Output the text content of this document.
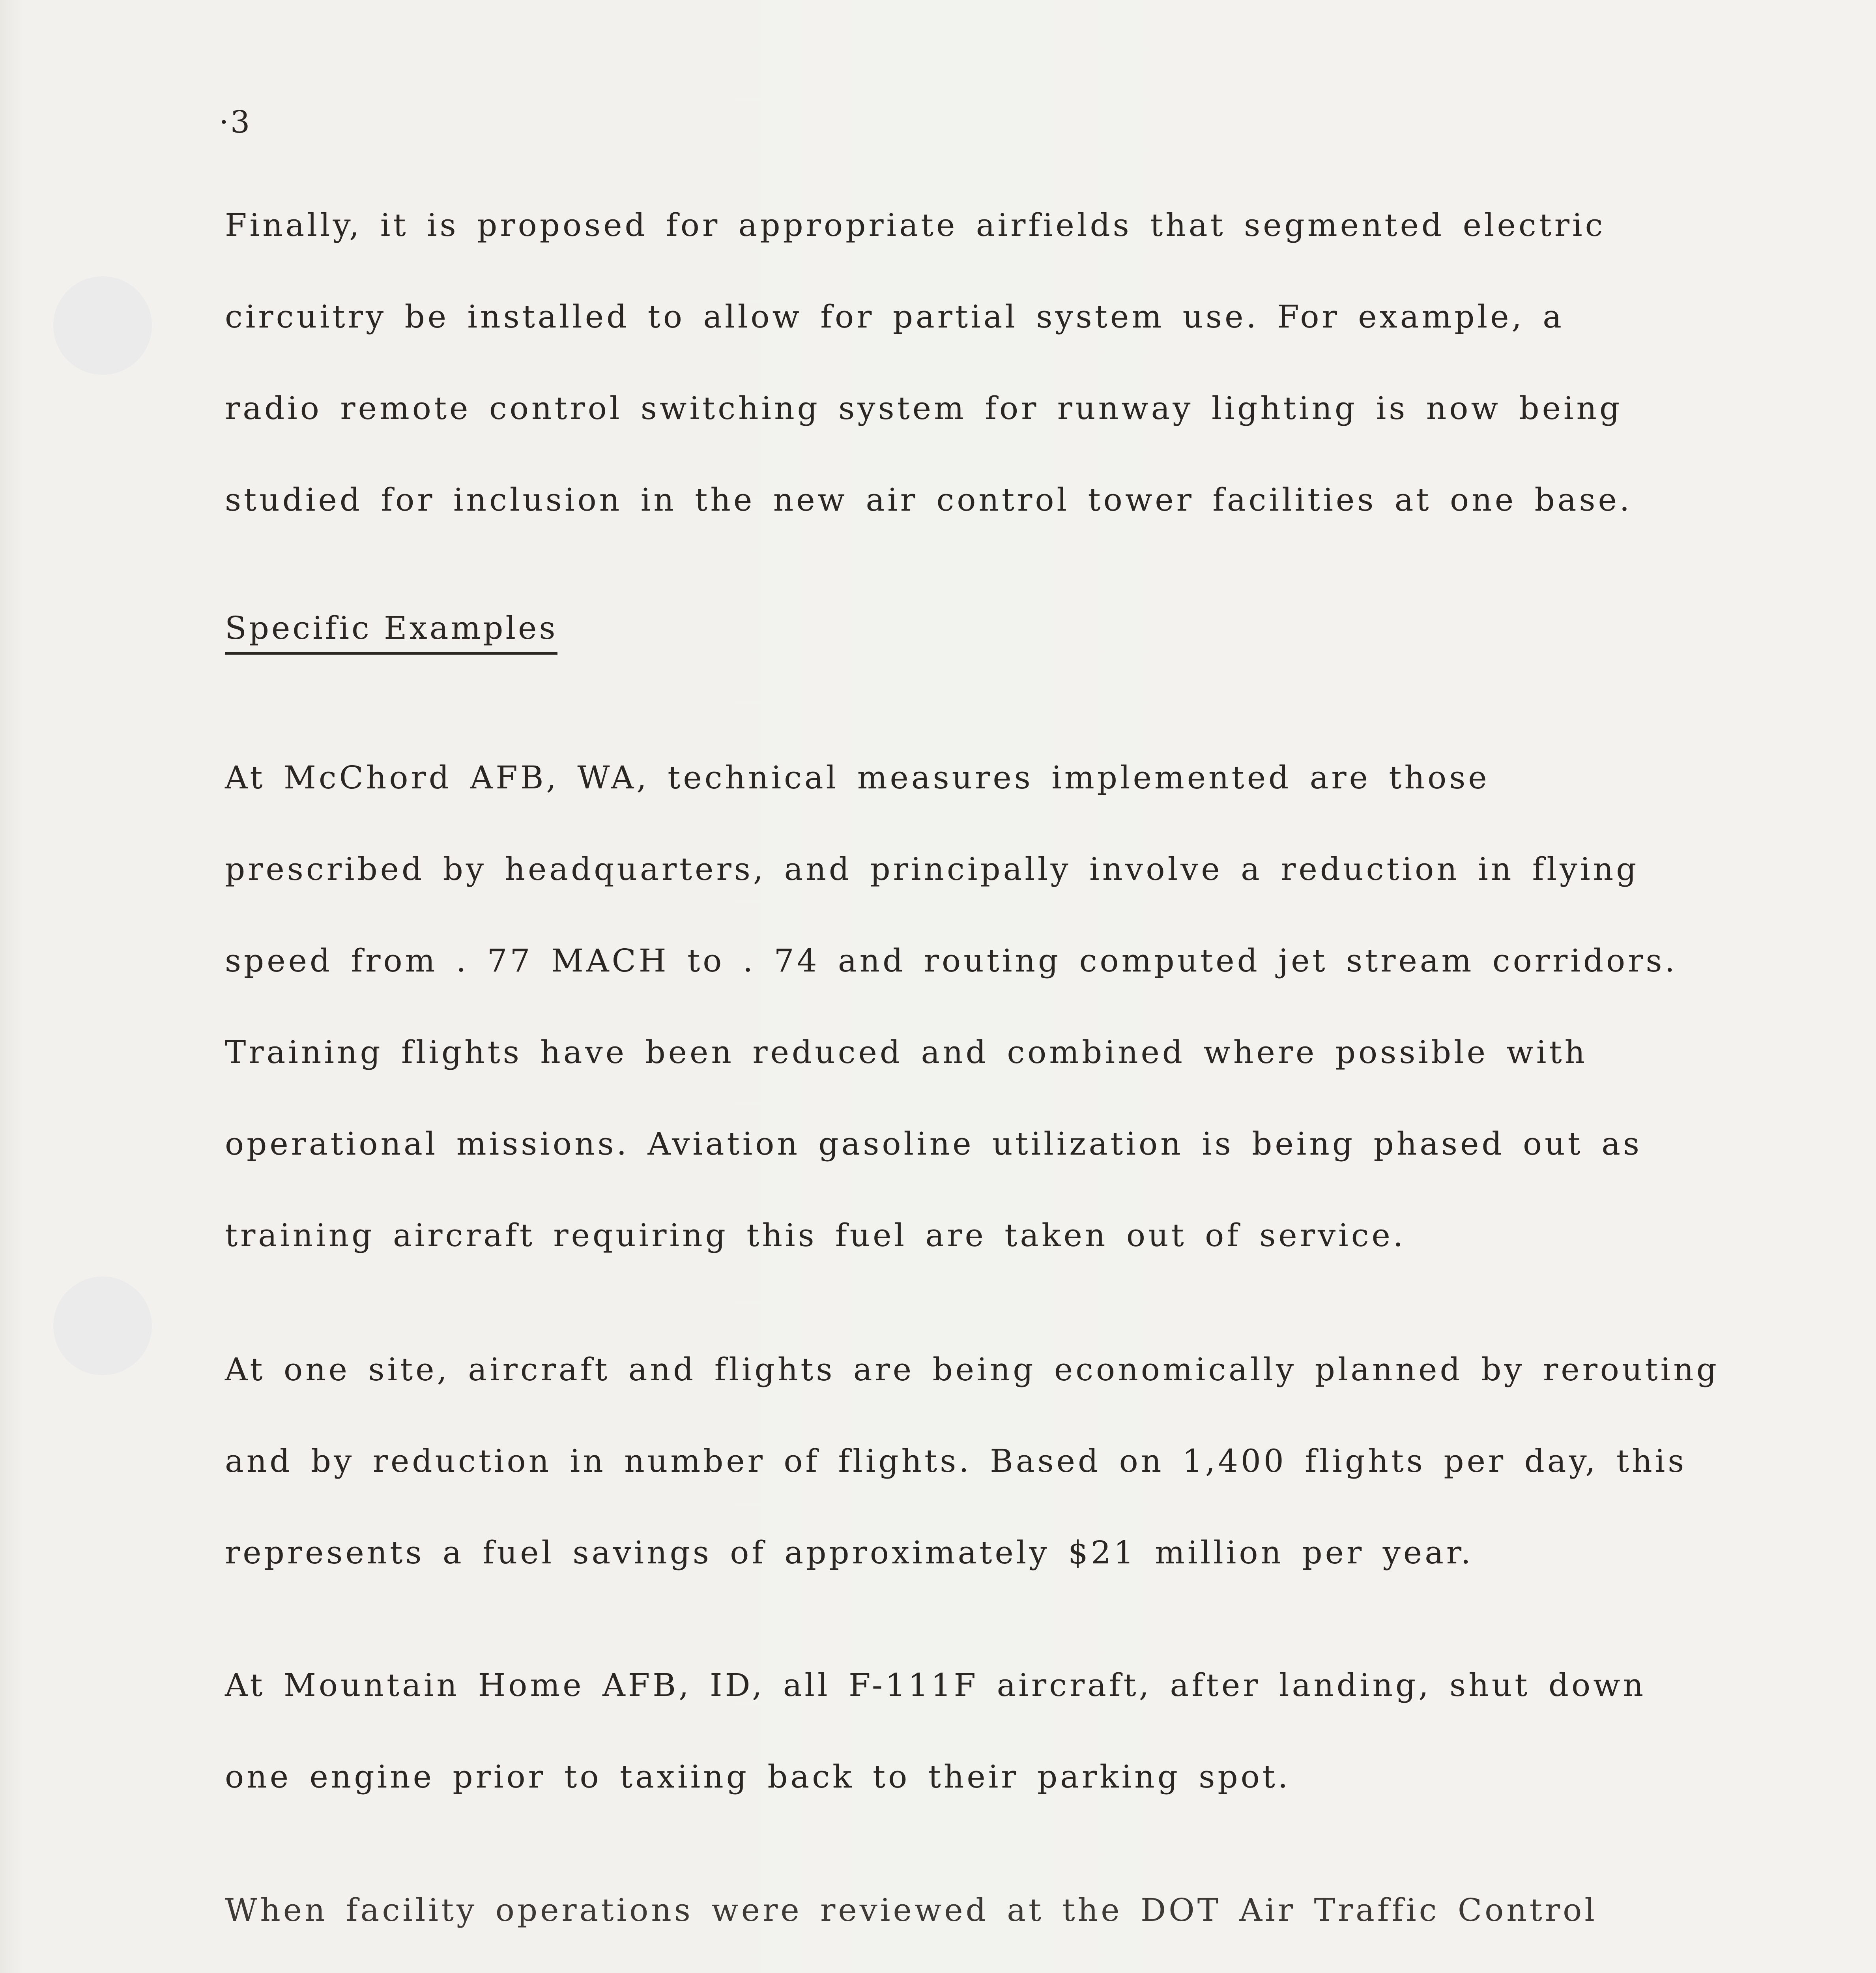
·3

Finally, it is proposed for appropriate airfields that segmented electric
circuitry be installed to allow for partial system use. For example, a
radio remote control switching system for runway lighting is now being
studied for inclusion in the new air control tower facilities at one base.

Specific Examples

At McChord AFB, WA, technical measures implemented are those
prescribed by headquarters, and principally involve a reduction in flying
speed from . 77 MACH to . 74 and routing computed jet stream corridors.
Training flights have been reduced and combined where possible with
operational missions. Aviation gasoline utilization is being phased out as
training aircraft requiring this fuel are taken out of service.

At one site, aircraft and flights are being economically planned by rerouting
and by reduction in number of flights. Based on 1,400 flights per day, this
represents a fuel savings of approximately $21 million per year.

At Mountain Home AFB, ID, all F-111F aircraft, after landing, shut down
one engine prior to taxiing back to their parking spot.

When facility operations were reviewed at the DOT Air Traffic Control
